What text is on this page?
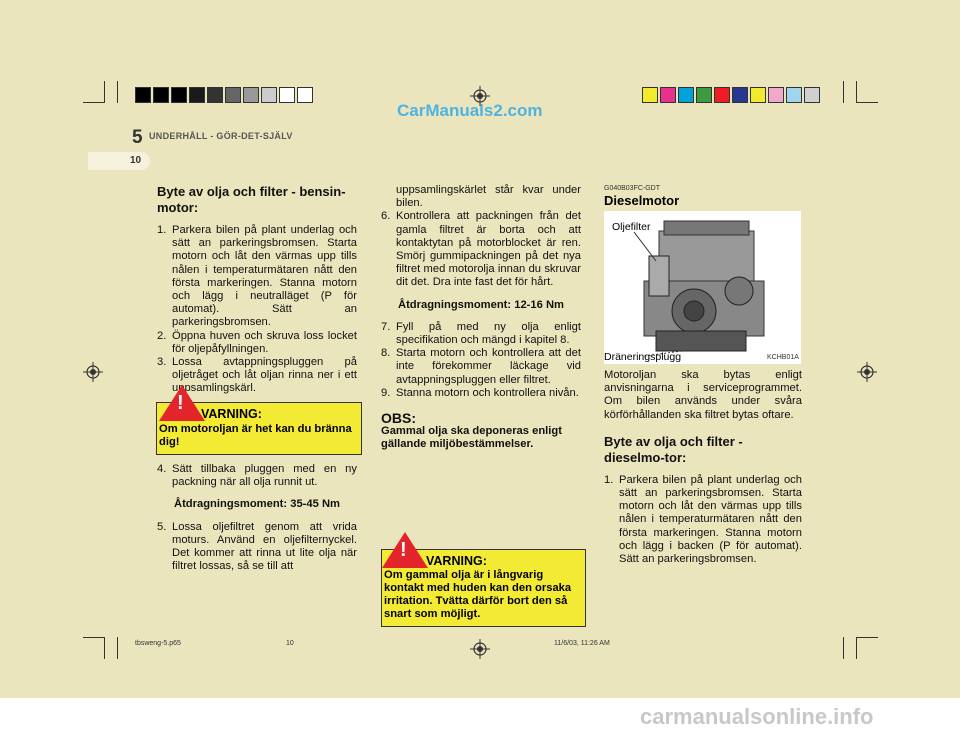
CarManuals2.com
5 UNDERHÅLL - GÖR-DET-SJÄLV
10
Byte av olja och filter - bensin-motor:
1. Parkera bilen på plant underlag och sätt an parkeringsbromsen. Starta motorn och låt den värmas upp tills nålen i temperaturmätaren nått den första markeringen. Stanna motorn och lägg i neutralläget (P för automat). Sätt an parkeringsbromsen.
2. Öppna huven och skruva loss locket för oljepåfyllningen.
3. Lossa avtappningspluggen på oljetråget och låt oljan rinna ner i ett uppsamlingskärl.
! VARNING:
Om motoroljan är het kan du bränna dig!
4. Sätt tillbaka pluggen med en ny packning när all olja runnit ut.
Åtdragningsmoment: 35-45 Nm
5. Lossa oljefiltret genom att vrida moturs. Använd en oljefilternyckel. Det kommer att rinna ut lite olja när filtret lossas, så se till att
uppsamlingskärlet står kvar under bilen.
6. Kontrollera att packningen från det gamla filtret är borta och att kontaktytan på motorblocket är ren. Smörj gummipackningen på det nya filtret med motorolja innan du skruvar dit det. Dra inte fast det för hårt.
Åtdragningsmoment: 12-16 Nm
7. Fyll på med ny olja enligt specifikation och mängd i kapitel 8.
8. Starta motorn och kontrollera att det inte förekommer läckage vid avtappningspluggen eller filtret.
9. Stanna motorn och kontrollera nivån.
OBS:
Gammal olja ska deponeras enligt gällande miljöbestämmelser.
! VARNING:
Om gammal olja är i långvarig kontakt med huden kan den orsaka irritation. Tvätta därför bort den så snart som möjligt.
G040B03FC-GDT
Dieselmotor
Oljefilter
Dräneringsplugg	KCHB01A
Motoroljan ska bytas enligt anvisningarna i serviceprogrammet. Om bilen används under svåra körförhållanden ska filtret bytas oftare.
Byte av olja och filter - dieselmo-tor:
1. Parkera bilen på plant underlag och sätt an parkeringsbromsen. Starta motorn och låt den värmas upp tills nålen i temperaturmätaren nått den första markeringen. Stanna motorn och lägg i backen (P för automat). Sätt an parkeringsbromsen.
tbsweng-5.p65	10	11/6/03, 11:26 AM
carmanualsonline.info
